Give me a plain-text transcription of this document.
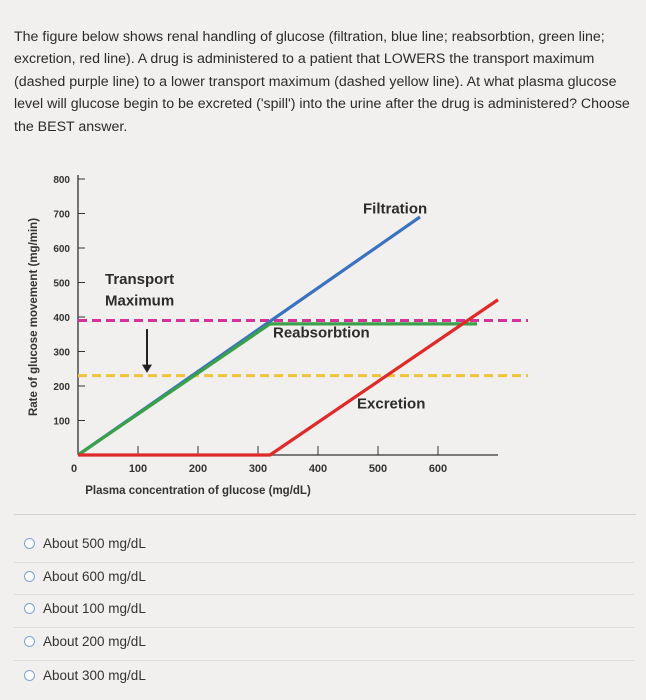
The figure below shows renal handling of glucose (filtration, blue line; reabsorbtion, green line; excretion, red line). A drug is administered to a patient that LOWERS the transport maximum (dashed purple line) to a lower transport maximum (dashed yellow line). At what plasma glucose level will glucose begin to be excreted ('spill') into the urine after the drug is administered? Choose the BEST answer.
100
200
300
400
500
600
700
800
100	200	300	400	500	600
0
Plasma concentration of glucose (mg/dL)
Rate of glucose movement (mg/min)
Filtration
Reabsorbtion
Excretion
Transport
Maximum
About 500 mg/dL
About 600 mg/dL
About 100 mg/dL
About 200 mg/dL
About 300 mg/dL
